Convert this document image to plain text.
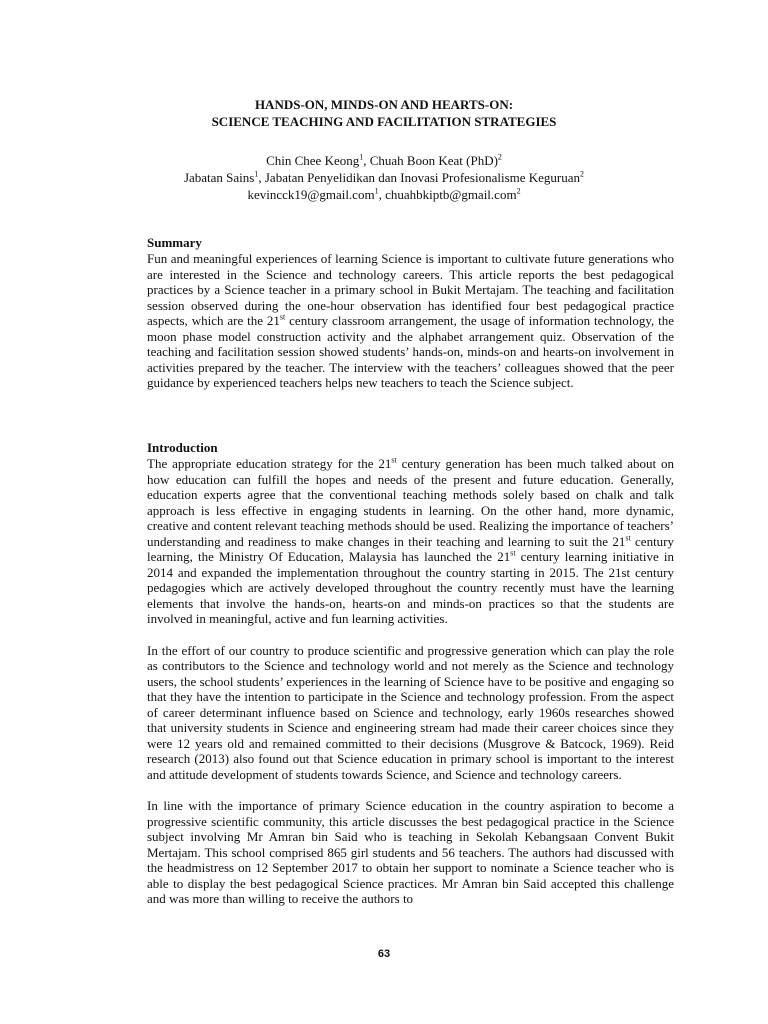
HANDS-ON, MINDS-ON AND HEARTS-ON:
SCIENCE TEACHING AND FACILITATION STRATEGIES
Chin Chee Keong$^1$, Chuah Boon Keat (PhD)$^2$
Jabatan Sains$^1$, Jabatan Penyelidikan dan Inovasi Profesionalisme Keguruan$^2$
kevincck19@gmail.com$^1$, chuahbkiptb@gmail.com$^2$
Summary

Fun and meaningful experiences of learning Science is important to cultivate future generations who are interested in the Science and technology careers. This article reports the best pedagogical practices by a Science teacher in a primary school in Bukit Mertajam. The teaching and facilitation session observed during the one-hour observation has identified four best pedagogical practice aspects, which are the 21st century classroom arrangement, the usage of information technology, the moon phase model construction activity and the alphabet arrangement quiz. Observation of the teaching and facilitation session showed students’ hands-on, minds-on and hearts-on involvement in activities prepared by the teacher. The interview with the teachers’ colleagues showed that the peer guidance by experienced teachers helps new teachers to teach the Science subject.

Introduction

The appropriate education strategy for the 21st century generation has been much talked about on how education can fulfill the hopes and needs of the present and future education. Generally, education experts agree that the conventional teaching methods solely based on chalk and talk approach is less effective in engaging students in learning. On the other hand, more dynamic, creative and content relevant teaching methods should be used. Realizing the importance of teachers’ understanding and readiness to make changes in their teaching and learning to suit the 21st century learning, the Ministry Of Education, Malaysia has launched the 21st century learning initiative in 2014 and expanded the implementation throughout the country starting in 2015. The 21st century pedagogies which are actively developed throughout the country recently must have the learning elements that involve the hands-on, hearts-on and minds-on practices so that the students are involved in meaningful, active and fun learning activities.

In the effort of our country to produce scientific and progressive generation which can play the role as contributors to the Science and technology world and not merely as the Science and technology users, the school students’ experiences in the learning of Science have to be positive and engaging so that they have the intention to participate in the Science and technology profession. From the aspect of career determinant influence based on Science and technology, early 1960s researches showed that university students in Science and engineering stream had made their career choices since they were 12 years old and remained committed to their decisions (Musgrove & Batcock, 1969). Reid research (2013) also found out that Science education in primary school is important to the interest and attitude development of students towards Science, and Science and technology careers.

In line with the importance of primary Science education in the country aspiration to become a progressive scientific community, this article discusses the best pedagogical practice in the Science subject involving Mr Amran bin Said who is teaching in Sekolah Kebangsaan Convent Bukit Mertajam. This school comprised 865 girl students and 56 teachers. The authors had discussed with the headmistress on 12 September 2017 to obtain her support to nominate a Science teacher who is able to display the best pedagogical Science practices. Mr Amran bin Said accepted this challenge and was more than willing to receive the authors to

63
